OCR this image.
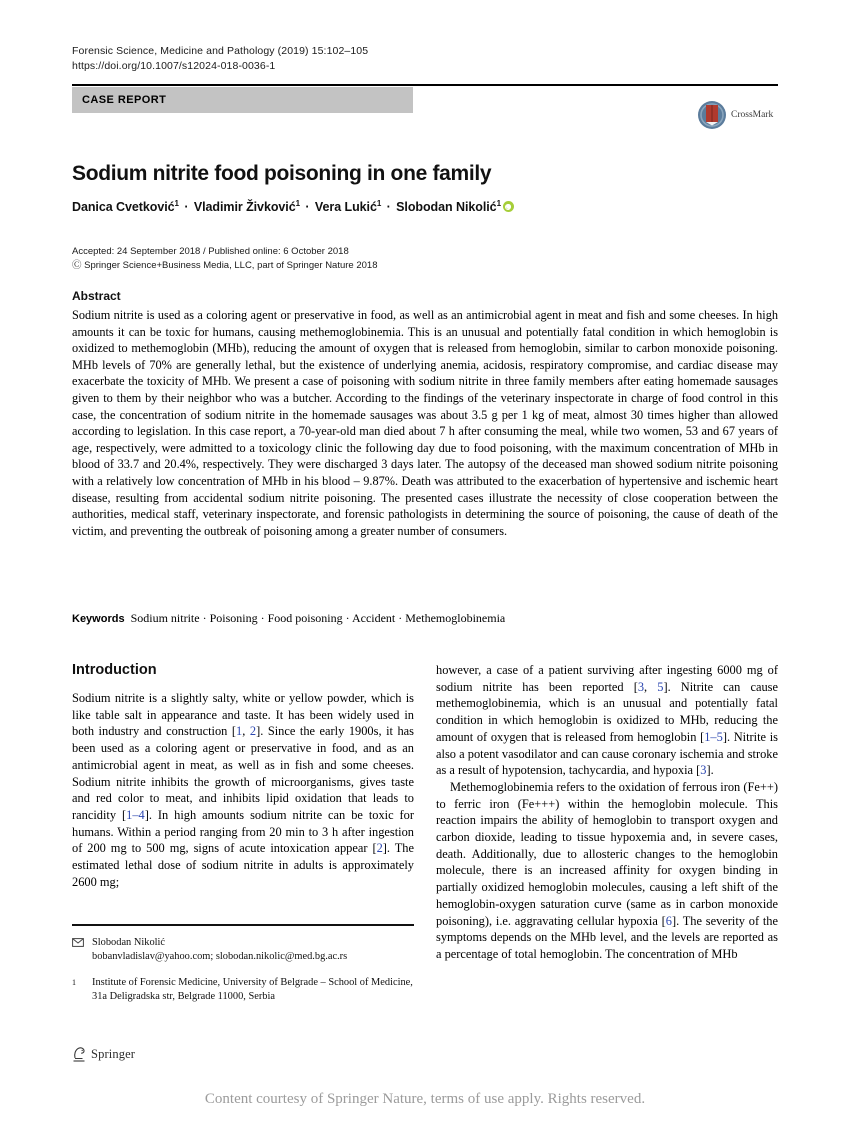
Forensic Science, Medicine and Pathology (2019) 15:102–105
https://doi.org/10.1007/s12024-018-0036-1
CASE REPORT
CrossMark
Sodium nitrite food poisoning in one family
Danica Cvetković$^1$ · Vladimir Živković$^1$ · Vera Lukić$^1$ · Slobodan Nikolić$^1$
Accepted: 24 September 2018 / Published online: 6 October 2018
Ⓒ Springer Science+Business Media, LLC, part of Springer Nature 2018
Abstract
Sodium nitrite is used as a coloring agent or preservative in food, as well as an antimicrobial agent in meat and fish and some cheeses. In high amounts it can be toxic for humans, causing methemoglobinemia. This is an unusual and potentially fatal condition in which hemoglobin is oxidized to methemoglobin (MHb), reducing the amount of oxygen that is released from hemoglobin, similar to carbon monoxide poisoning. MHb levels of 70% are generally lethal, but the existence of underlying anemia, acidosis, respiratory compromise, and cardiac disease may exacerbate the toxicity of MHb. We present a case of poisoning with sodium nitrite in three family members after eating homemade sausages given to them by their neighbor who was a butcher. According to the findings of the veterinary inspectorate in charge of food control in this case, the concentration of sodium nitrite in the homemade sausages was about 3.5 g per 1 kg of meat, almost 30 times higher than allowed according to legislation. In this case report, a 70-year-old man died about 7 h after consuming the meal, while two women, 53 and 67 years of age, respectively, were admitted to a toxicology clinic the following day due to food poisoning, with the maximum concentration of MHb in blood of 33.7 and 20.4%, respectively. They were discharged 3 days later. The autopsy of the deceased man showed sodium nitrite poisoning with a relatively low concentration of MHb in his blood – 9.87%. Death was attributed to the exacerbation of hypertensive and ischemic heart disease, resulting from accidental sodium nitrite poisoning. The presented cases illustrate the necessity of close cooperation between the authorities, medical staff, veterinary inspectorate, and forensic pathologists in determining the source of poisoning, the cause of death of the victim, and preventing the outbreak of poisoning among a greater number of consumers.
Keywords Sodium nitrite · Poisoning · Food poisoning · Accident · Methemoglobinemia
Introduction

Sodium nitrite is a slightly salty, white or yellow powder, which is like table salt in appearance and taste. It has been widely used in both industry and construction [1, 2]. Since the early 1900s, it has been used as a coloring agent or preservative in food, and as an antimicrobial agent in meat, as well as in fish and some cheeses. Sodium nitrite inhibits the growth of microorganisms, gives taste and red color to meat, and inhibits lipid oxidation that leads to rancidity [1–4]. In high amounts sodium nitrite can be toxic for humans. Within a period ranging from 20 min to 3 h after ingestion of 200 mg to 500 mg, signs of acute intoxication appear [2]. The estimated lethal dose of sodium nitrite in adults is approximately 2600 mg;

however, a case of a patient surviving after ingesting 6000 mg of sodium nitrite has been reported [3, 5]. Nitrite can cause methemoglobinemia, which is an unusual and potentially fatal condition in which hemoglobin is oxidized to MHb, reducing the amount of oxygen that is released from hemoglobin [1–5]. Nitrite is also a potent vasodilator and can cause coronary ischemia and stroke as a result of hypotension, tachycardia, and hypoxia [3].

Methemoglobinemia refers to the oxidation of ferrous iron (Fe++) to ferric iron (Fe+++) within the hemoglobin molecule. This reaction impairs the ability of hemoglobin to transport oxygen and carbon dioxide, leading to tissue hypoxemia and, in severe cases, death. Additionally, due to allosteric changes to the hemoglobin molecule, there is an increased affinity for oxygen binding in partially oxidized hemoglobin molecules, causing a left shift of the hemoglobin-oxygen saturation curve (same as in carbon monoxide poisoning), i.e. aggravating cellular hypoxia [6]. The severity of the symptoms depends on the MHb level, and the levels are reported as a percentage of total hemoglobin. The concentration of MHb

Slobodan Nikolić
bobanvladislav@yahoo.com; slobodan.nikolic@med.bg.ac.rs
1	Institute of Forensic Medicine, University of Belgrade – School of Medicine, 31a Deligradska str, Belgrade 11000, Serbia
Springer
Content courtesy of Springer Nature, terms of use apply. Rights reserved.
